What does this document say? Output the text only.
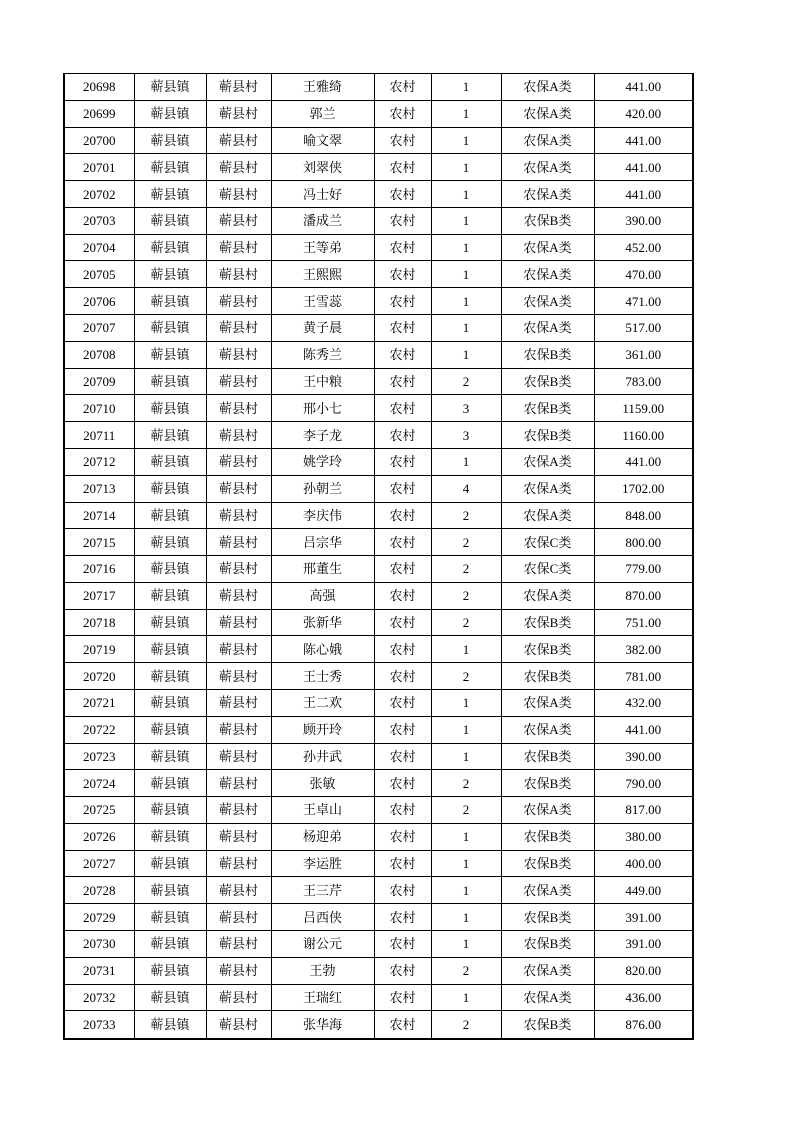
20698	蕲县镇	蕲县村	王雅绮	农村	1	农保A类	441.00
20699	蕲县镇	蕲县村	郭兰	农村	1	农保A类	420.00
20700	蕲县镇	蕲县村	喻文翠	农村	1	农保A类	441.00
20701	蕲县镇	蕲县村	刘翠侠	农村	1	农保A类	441.00
20702	蕲县镇	蕲县村	冯士好	农村	1	农保A类	441.00
20703	蕲县镇	蕲县村	潘成兰	农村	1	农保B类	390.00
20704	蕲县镇	蕲县村	王等弟	农村	1	农保A类	452.00
20705	蕲县镇	蕲县村	王熙熙	农村	1	农保A类	470.00
20706	蕲县镇	蕲县村	王雪蕊	农村	1	农保A类	471.00
20707	蕲县镇	蕲县村	黄子晨	农村	1	农保A类	517.00
20708	蕲县镇	蕲县村	陈秀兰	农村	1	农保B类	361.00
20709	蕲县镇	蕲县村	王中粮	农村	2	农保B类	783.00
20710	蕲县镇	蕲县村	邢小七	农村	3	农保B类	1159.00
20711	蕲县镇	蕲县村	李子龙	农村	3	农保B类	1160.00
20712	蕲县镇	蕲县村	姚学玲	农村	1	农保A类	441.00
20713	蕲县镇	蕲县村	孙朝兰	农村	4	农保A类	1702.00
20714	蕲县镇	蕲县村	李庆伟	农村	2	农保A类	848.00
20715	蕲县镇	蕲县村	吕宗华	农村	2	农保C类	800.00
20716	蕲县镇	蕲县村	邢董生	农村	2	农保C类	779.00
20717	蕲县镇	蕲县村	高强	农村	2	农保A类	870.00
20718	蕲县镇	蕲县村	张新华	农村	2	农保B类	751.00
20719	蕲县镇	蕲县村	陈心娥	农村	1	农保B类	382.00
20720	蕲县镇	蕲县村	王士秀	农村	2	农保B类	781.00
20721	蕲县镇	蕲县村	王二欢	农村	1	农保A类	432.00
20722	蕲县镇	蕲县村	顾开玲	农村	1	农保A类	441.00
20723	蕲县镇	蕲县村	孙井武	农村	1	农保B类	390.00
20724	蕲县镇	蕲县村	张敏	农村	2	农保B类	790.00
20725	蕲县镇	蕲县村	王卓山	农村	2	农保A类	817.00
20726	蕲县镇	蕲县村	杨迎弟	农村	1	农保B类	380.00
20727	蕲县镇	蕲县村	李运胜	农村	1	农保B类	400.00
20728	蕲县镇	蕲县村	王三芹	农村	1	农保A类	449.00
20729	蕲县镇	蕲县村	吕西侠	农村	1	农保B类	391.00
20730	蕲县镇	蕲县村	谢公元	农村	1	农保B类	391.00
20731	蕲县镇	蕲县村	王勃	农村	2	农保A类	820.00
20732	蕲县镇	蕲县村	王瑞红	农村	1	农保A类	436.00
20733	蕲县镇	蕲县村	张华海	农村	2	农保B类	876.00
